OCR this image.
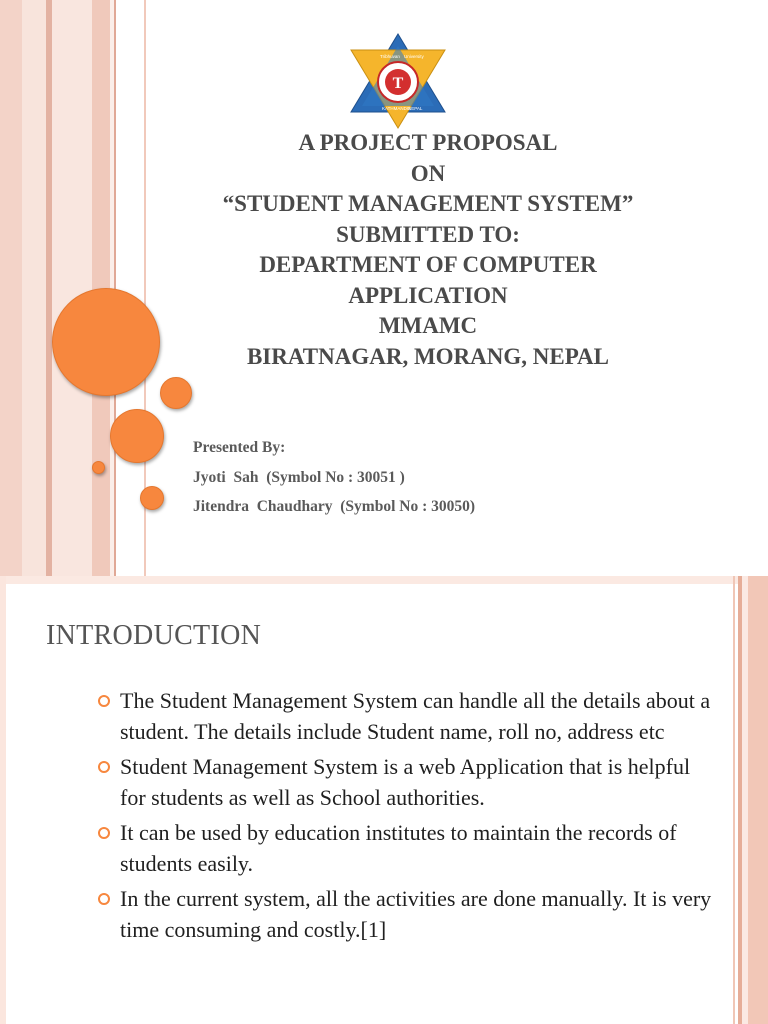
T
Tribhuvan University
KATHMANDU
NEPAL
A PROJECT PROPOSAL
ON
“STUDENT MANAGEMENT SYSTEM”
SUBMITTED TO:
DEPARTMENT OF COMPUTER
APPLICATION
MMAMC
BIRATNAGAR, MORANG, NEPAL
Presented By:
Jyoti  Sah  (Symbol No : 30051 )
Jitendra  Chaudhary  (Symbol No : 30050)
INTRODUCTION
The Student Management System can handle all the details about a student. The details include Student name, roll no, address etc
Student Management System is a web Application that is helpful for students as well as School authorities.
It can be used by education institutes to maintain the records of students easily.
In the current system, all the activities are done manually. It is very time consuming and costly.[1]
